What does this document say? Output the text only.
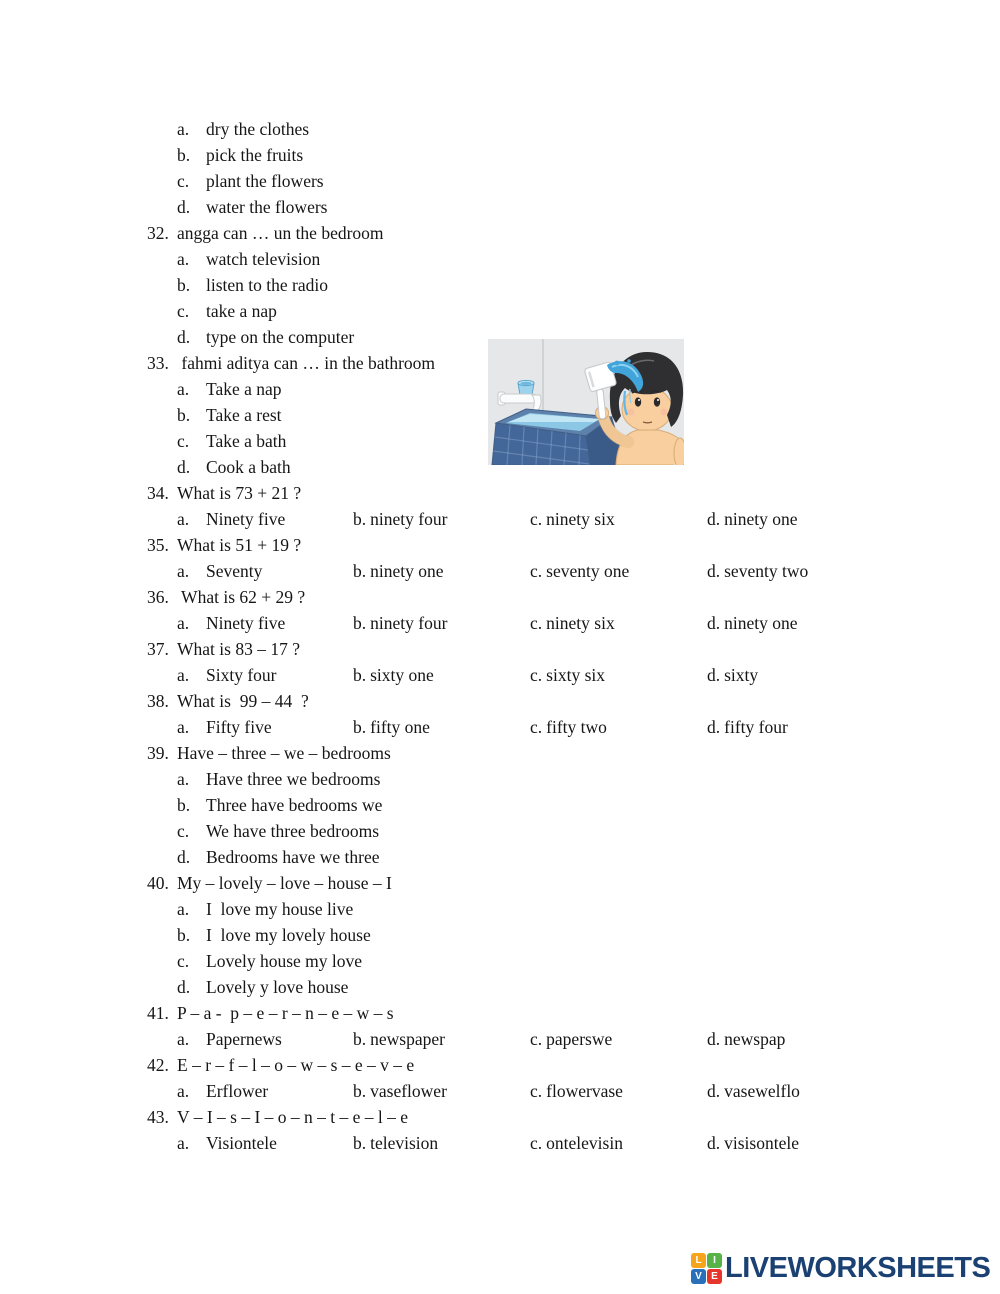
a. dry the clothes
b. pick the fruits
c. plant the flowers
d. water the flowers
32. angga can … un the bedroom
a. watch television
b. listen to the radio
c. take a nap
d. type on the computer
33. fahmi aditya can … in the bathroom
a. Take a nap
b. Take a rest
c. Take a bath
d. Cook a bath
34. What is 73 + 21 ?
a. Ninety five	b. ninety four	c. ninety six	d. ninety one
35. What is 51 + 19 ?
a. Seventy	b. ninety one	c. seventy one	d. seventy two
36. What is 62 + 29 ?
a. Ninety five	b. ninety four	c. ninety six	d. ninety one
37. What is 83 – 17 ?
a. Sixty four	b. sixty one	c. sixty six	d. sixty
38. What is  99 – 44  ?
a. Fifty five	b. fifty one	c. fifty two	d. fifty four
39. Have – three – we – bedrooms
a. Have three we bedrooms
b. Three have bedrooms we
c. We have three bedrooms
d. Bedrooms have we three
40. My – lovely – love – house – I
a. I  love my house live
b. I  love my lovely house
c. Lovely house my love
d. Lovely y love house
41. P – a -  p – e – r – n – e – w – s
a. Papernews	b. newspaper	c. paperswe	d. newspap
42. E – r – f – l – o – w – s – e – v – e
a. Erflower	b. vaseflower	c. flowervase	d. vasewelflo
43. V – I – s – I – o – n – t – e – l – e
a. Visiontele	b. television	c. ontelevisin	d. visisontele
L	I
V E LIVEWORKSHEETS
